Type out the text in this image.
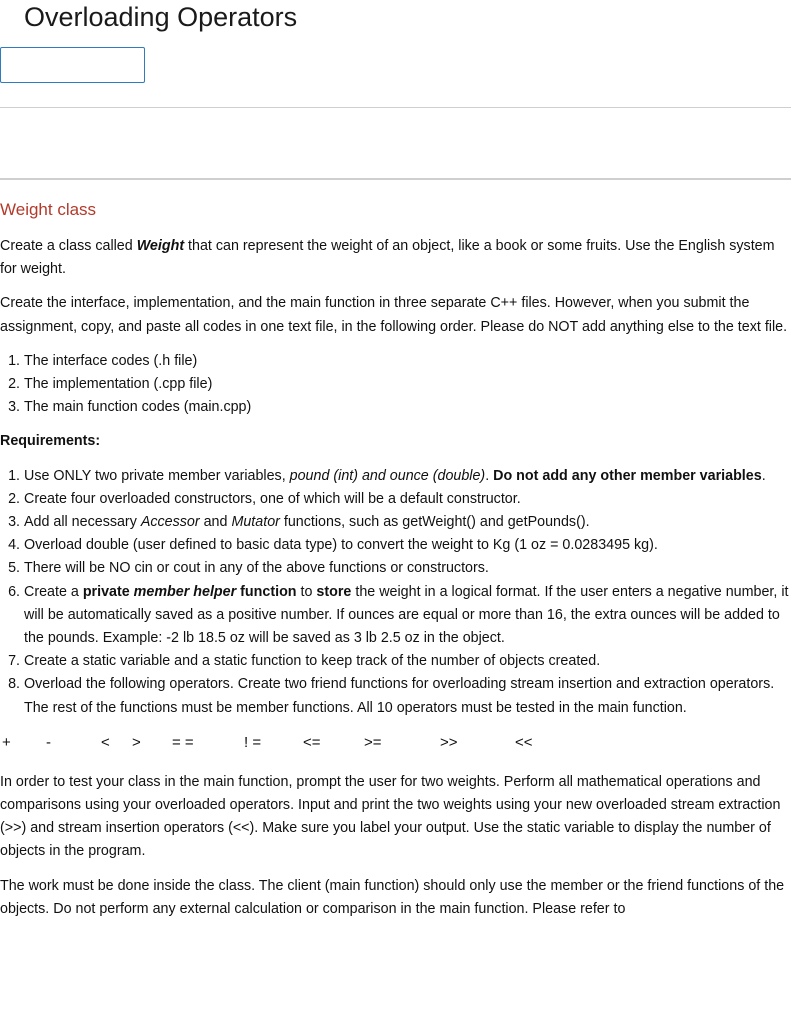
Overloading Operators
Weight class

Create a class called Weight that can represent the weight of an object, like a book or some fruits. Use the English system for weight.

Create the interface, implementation, and the main function in three separate C++ files. However, when you submit the assignment, copy, and paste all codes in one text file, in the following order. Please do NOT add anything else to the text file.

1. The interface codes (.h file)
2. The implementation (.cpp file)
3. The main function codes (main.cpp)
Requirements:
1. Use ONLY two private member variables, pound (int) and ounce (double). Do not add any other member variables.
2. Create four overloaded constructors, one of which will be a default constructor.
3. Add all necessary Accessor and Mutator functions, such as getWeight() and getPounds().
4. Overload double (user defined to basic data type) to convert the weight to Kg (1 oz = 0.0283495 kg).
5. There will be NO cin or cout in any of the above functions or constructors.
6. Create a private member helper function to store the weight in a logical format. If the user enters a negative number, it will be automatically saved as a positive number. If ounces are equal or more than 16, the extra ounces will be added to the pounds. Example: -2 lb 18.5 oz will be saved as 3 lb 2.5 oz in the object.
7. Create a static variable and a static function to keep track of the number of objects created.
8. Overload the following operators. Create two friend functions for overloading stream insertion and extraction operators. The rest of the functions must be member functions. All 10 operators must be tested in the main function.
+ -	< > = =	! =	<=	>=	>>	<<

In order to test your class in the main function, prompt the user for two weights. Perform all mathematical operations and comparisons using your overloaded operators. Input and print the two weights using your new overloaded stream extraction (>>) and stream insertion operators (<<). Make sure you label your output. Use the static variable to display the number of objects in the program.

The work must be done inside the class. The client (main function) should only use the member or the friend functions of the objects. Do not perform any external calculation or comparison in the main function. Please refer to
